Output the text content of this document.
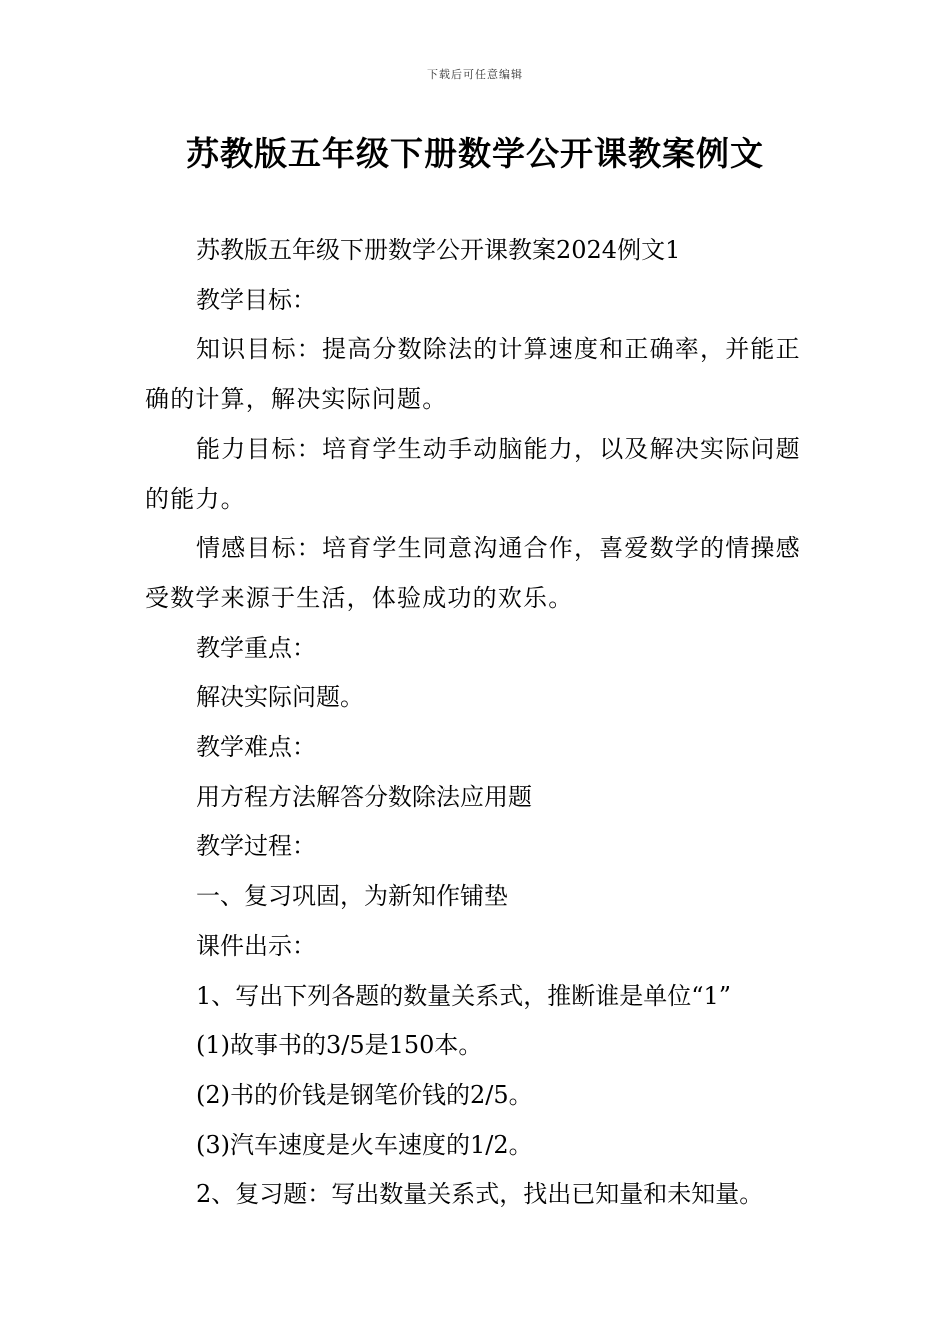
下载后可任意编辑
苏教版五年级下册数学公开课教案例文

苏教版五年级下册数学公开课教案2024例文1

教学目标：

知识目标：提高分数除法的计算速度和正确率，并能正确的计算，解决实际问题。

能力目标：培育学生动手动脑能力，以及解决实际问题的能力。

情感目标：培育学生同意沟通合作，喜爱数学的情操感受数学来源于生活，体验成功的欢乐。

教学重点：

解决实际问题。

教学难点：

用方程方法解答分数除法应用题

教学过程：

一、复习巩固，为新知作铺垫

课件出示：

1、写出下列各题的数量关系式，推断谁是单位“1”

(1)故事书的3/5是150本。

(2)书的价钱是钢笔价钱的2/5。

(3)汽车速度是火车速度的1/2。

2、复习题：写出数量关系式，找出已知量和未知量。
